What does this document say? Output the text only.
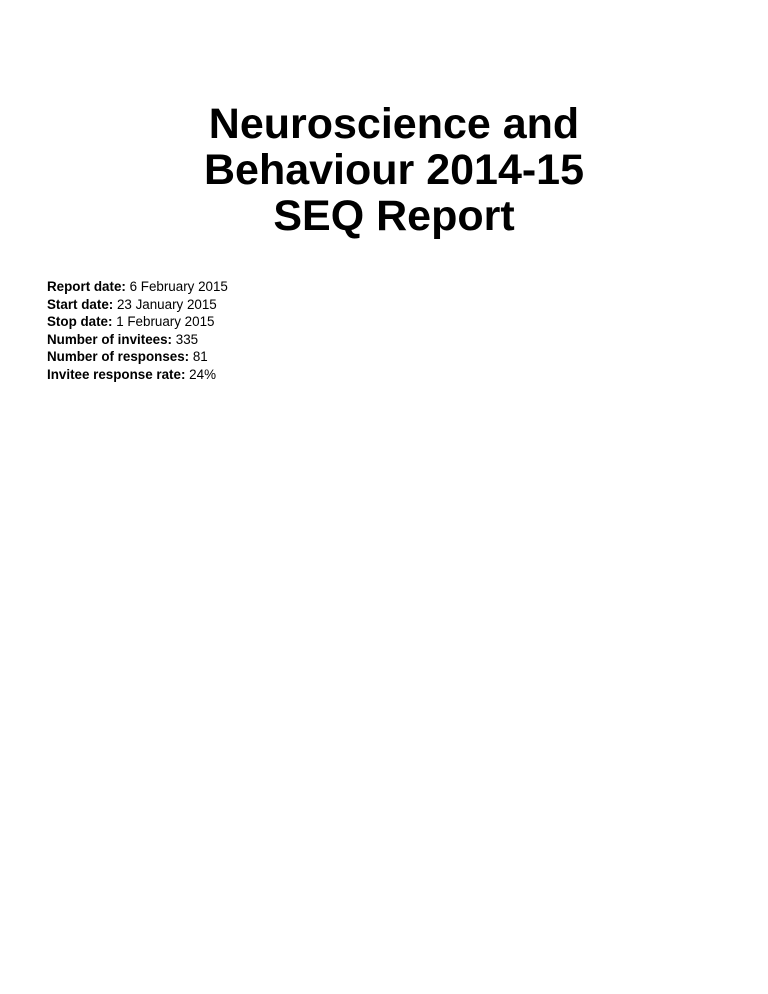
Neuroscience and
Behaviour 2014-15
SEQ Report
Report date: 6 February 2015
Start date: 23 January 2015
Stop date: 1 February 2015
Number of invitees: 335
Number of responses: 81
Invitee response rate: 24%
